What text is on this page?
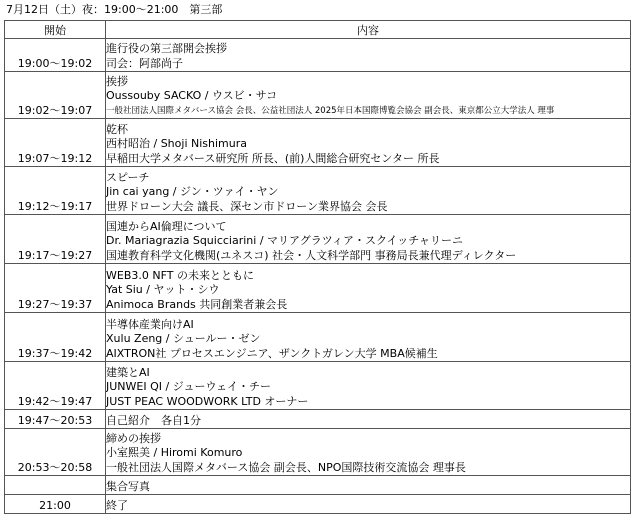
7月12日（土）夜：19:00〜21:00　第三部
開始	内容
19:00〜19:02	進行役の第三部開会挨拶
司会：阿部尚子

19:02〜19:07	挨拶
Oussouby SACKO / ウスビ・サコ
一般社団法人国際メタバース協会 会長、公益社団法人 2025年日本国際博覧会協会 副会長、東京都公立大学法人 理事

19:07〜19:12	乾杯
西村昭治 / Shoji Nishimura
早稲田大学メタバース研究所 所長、(前)人間総合研究センター 所長

19:12〜19:17	スピーチ
Jin cai yang / ジン・ツァイ・ヤン
世界ドローン大会 議長、深セン市ドローン業界協会 会長

19:17〜19:27	国連からAI倫理について
Dr. Mariagrazia Squicciarini / マリアグラツィア・スクイッチャリーニ
国連教育科学文化機関(ユネスコ) 社会・人文科学部門 事務局長兼代理ディレクター

19:27〜19:37	WEB3.0 NFT の未来とともに
Yat Siu / ヤット・シウ
Animoca Brands 共同創業者兼会長

19:37〜19:42	半導体産業向けAI
Xulu Zeng / シュールー・ゼン
AIXTRON社 プロセスエンジニア、ザンクトガレン大学 MBA候補生

19:42〜19:47	建築とAI
JUNWEI QI / ジューウェイ・チー
JUST PEAC WOODWORK LTD オーナー

19:47〜20:53	自己紹介　各自1分

20:53〜20:58	締めの挨拶
小室熙美 / Hiromi Komuro
一般社団法人国際メタバース協会 副会長、NPO国際技術交流協会 理事長

	集合写真

21:00	終了
